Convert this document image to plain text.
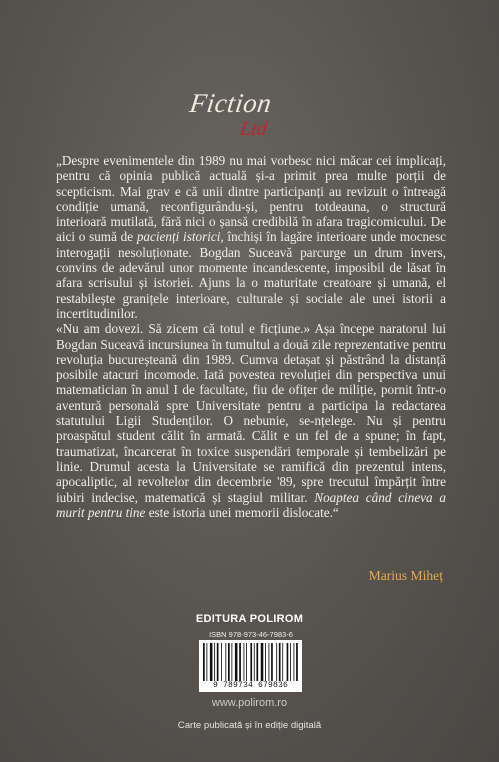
Fiction
Ltd

„Despre evenimentele din 1989 nu mai vorbesc nici măcar cei implicați, pentru că opinia publică actuală și-a primit prea multe porții de scepticism. Mai grav e că unii dintre participanți au revizuit o întreagă condiție umană, reconfigurându-și, pentru totdeauna, o structură interioară mutilată, fără nici o șansă credibilă în afara tragicomicului. De aici o sumă de pacienți istorici, închiși în lagăre interioare unde mocnesc interogații nesoluționate. Bogdan Suceavă parcurge un drum invers, convins de adevărul unor momente incandescente, imposibil de lăsat în afara scrisului și istoriei. Ajuns la o maturitate creatoare și umană, el restabilește granițele interioare, culturale și sociale ale unei istorii a incertitudinilor.

«Nu am dovezi. Să zicem că totul e ficțiune.» Așa începe naratorul lui Bogdan Suceavă incursiunea în tumultul a două zile reprezentative pentru revoluția bucureșteană din 1989. Cumva detașat și păstrând la distanță posibile atacuri incomode. Iată povestea revoluției din perspectiva unui matematician în anul I de facultate, fiu de ofițer de miliție, pornit într-o aventură personală spre Universitate pentru a participa la redactarea statutului Ligii Studenților. O nebunie, se-nțelege. Nu și pentru proaspătul student călit în armată. Călit e un fel de a spune; în fapt, traumatizat, încarcerat în toxice suspendări temporale și tembelizări pe linie. Drumul acesta la Universitate se ramifică din prezentul intens, apocaliptic, al revoltelor din decembrie '89, spre trecutul împărțit între iubiri indecise, matematică și stagiul militar. Noaptea când cineva a murit pentru tine este istoria unei memorii dislocate.“

Marius Miheț
EDITURA POLIROM
ISBN 978-973-46-7983-6
9 789734 679836
www.polirom.ro
Carte publicată și în ediție digitală
